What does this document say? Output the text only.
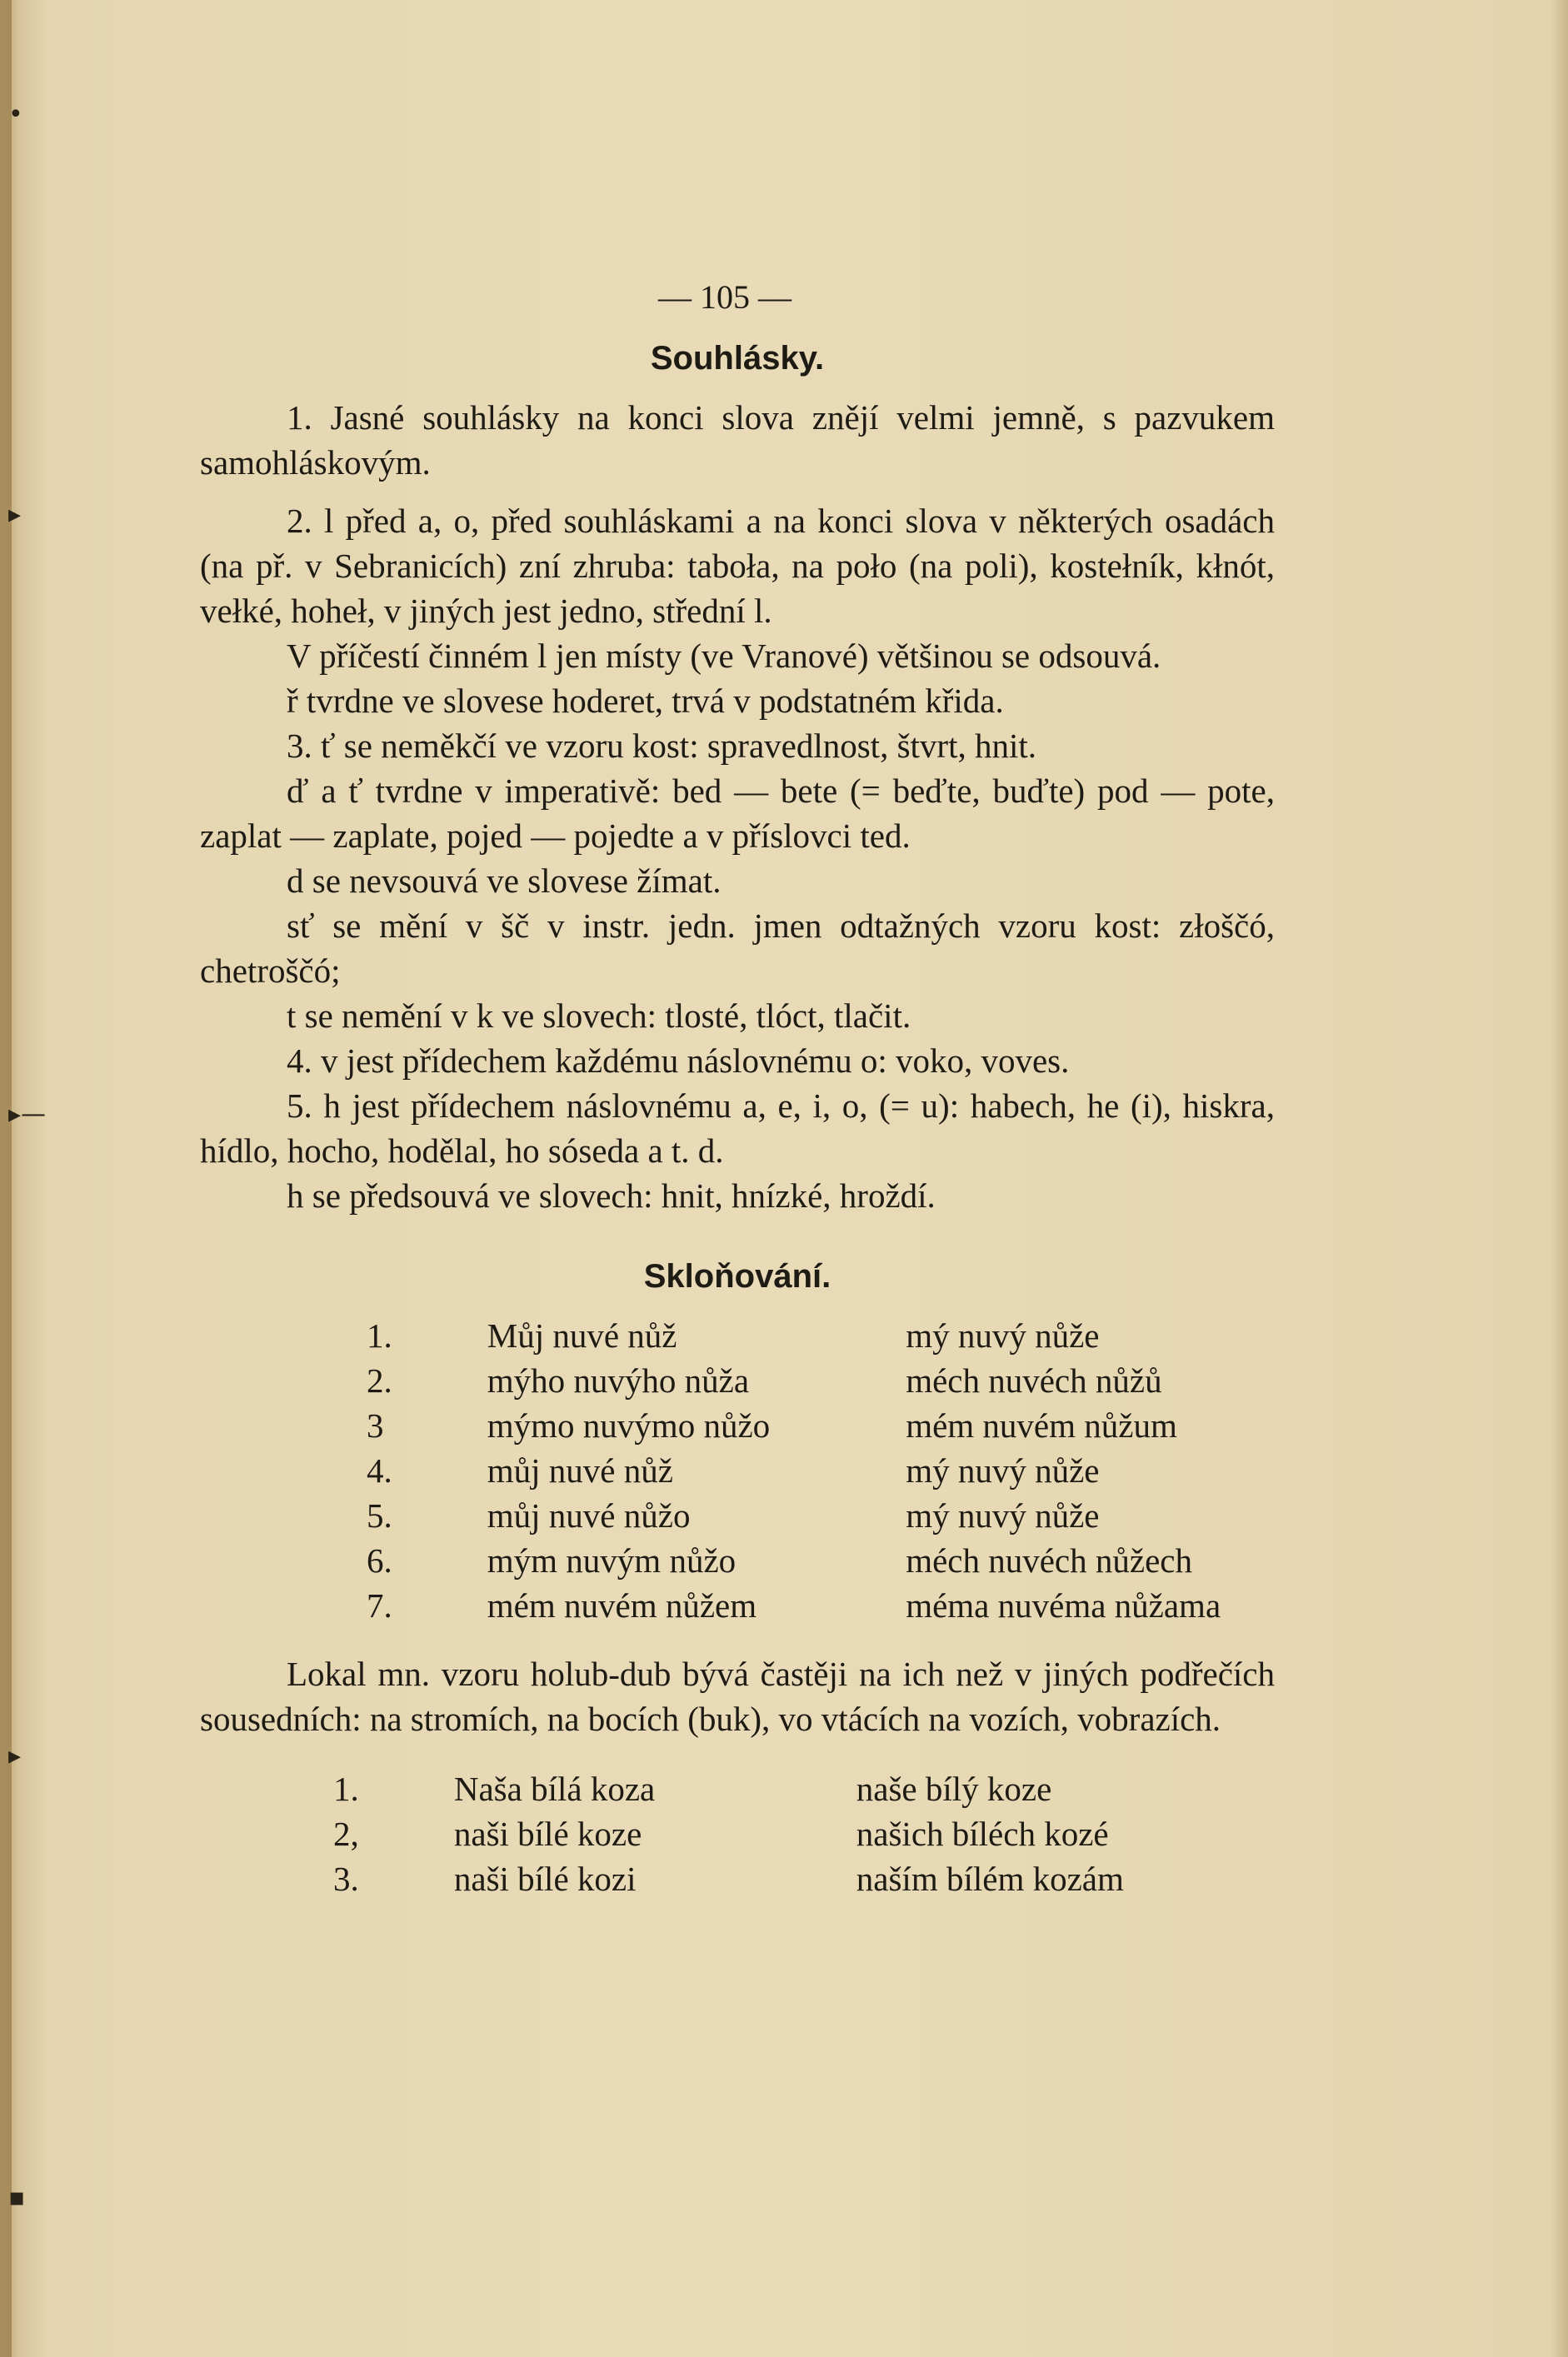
•
▸
▸—
▸
▪
— 105 —
Souhlásky.

1. Jasné souhlásky na konci slova znějí velmi jemně, s pazvukem samohláskovým.

2. l před a, o, před souhláskami a na konci slova v některých osadách (na př. v Sebranicích) zní zhruba: taboła, na połо (na poli), kostełník, kłnót, vełké, hoheł, v jiných jest jedno, střední l.

V příčestí činném l jen místy (ve Vranové) většinou se odsouvá.

ř tvrdne ve slovese hoderet, trvá v podstatném křida.

3. ť se neměkčí ve vzoru kost: spravedlnost, štvrt, hnit.

ď a ť tvrdne v imperativě: bed — bete (= beďte, buďte) pod — pote, zaplat — zaplate, pojed — pojedte a v příslovci ted.

d se nevsouvá ve slovese žímat.

sť se mění v šč v instr. jedn. jmen odtažných vzoru kost: złoščó, chetroščó;

t se nemění v k ve slovech: tlosté, tlóct, tlačit.

4. v jest přídechem každému náslovnému o: voko, voves.

5. h jest přídechem náslovnému a, e, i, o, (= u): habech, he (i), hiskra, hídlo, hocho, hodělal, ho sóseda a t. d.

h se předsouvá ve slovech: hnit, hnízké, hroždí.

Skloňování.
1.	Můj nuvé nůž	mý nuvý nůže
2.	mýho nuvýho nůža	méch nuvéch nůžů
3	mýmo nuvýmo nůžo	mém nuvém nůžum
4.	můj nuvé nůž	mý nuvý nůže
5.	můj nuvé nůžo	mý nuvý nůže
6.	mým nuvým nůžo	méch nuvéch nůžech
7.	mém nuvém nůžem	méma nuvéma nůžama

Lokal mn. vzoru holub-dub bývá častěji na ich než v jiných podřečích sousedních: na stromích, na bocích (buk), vo vtácích na vozích, vobrazích.

1.	Naša bílá koza	naše bílý koze
2,	naši bílé koze	našich bíléch kozé
3.	naši bílé kozi	naším bílém kozám
